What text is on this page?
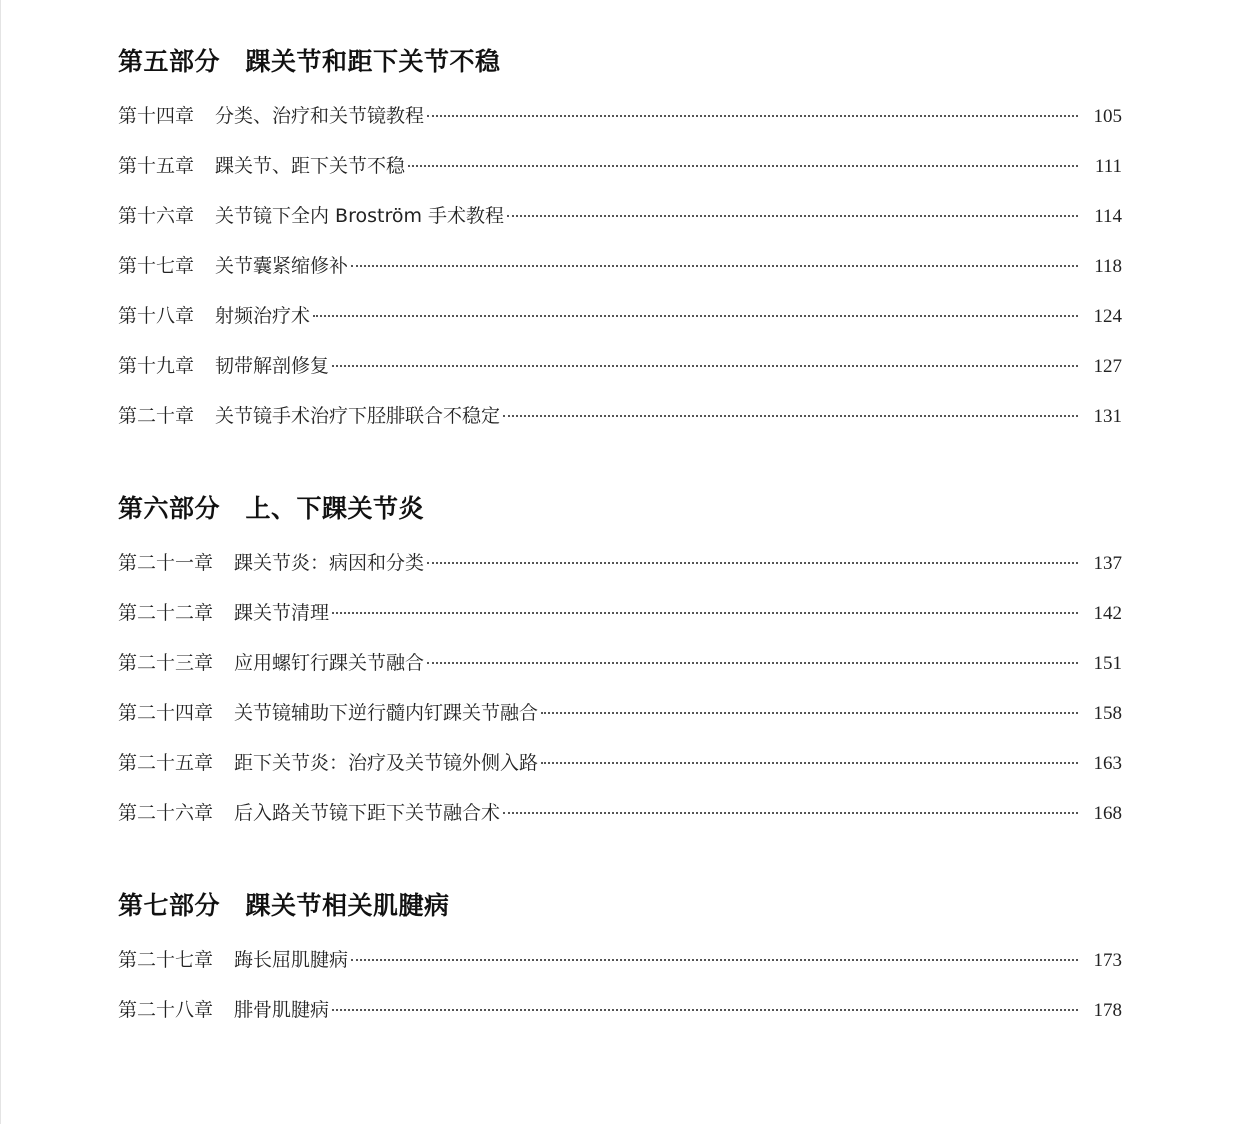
第五部分　踝关节和距下关节不稳
第十四章 分类、治疗和关节镜教程	105
第十五章 踝关节、距下关节不稳	111
第十六章 关节镜下全内 Broström 手术教程	114
第十七章 关节囊紧缩修补	118
第十八章 射频治疗术	124
第十九章 韧带解剖修复	127
第二十章 关节镜手术治疗下胫腓联合不稳定	131
第六部分　上、下踝关节炎
第二十一章 踝关节炎：病因和分类	137
第二十二章 踝关节清理	142
第二十三章 应用螺钉行踝关节融合	151
第二十四章 关节镜辅助下逆行髓内钉踝关节融合	158
第二十五章 距下关节炎：治疗及关节镜外侧入路	163
第二十六章 后入路关节镜下距下关节融合术	168
第七部分　踝关节相关肌腱病
第二十七章 踇长屈肌腱病	173
第二十八章 腓骨肌腱病	178
